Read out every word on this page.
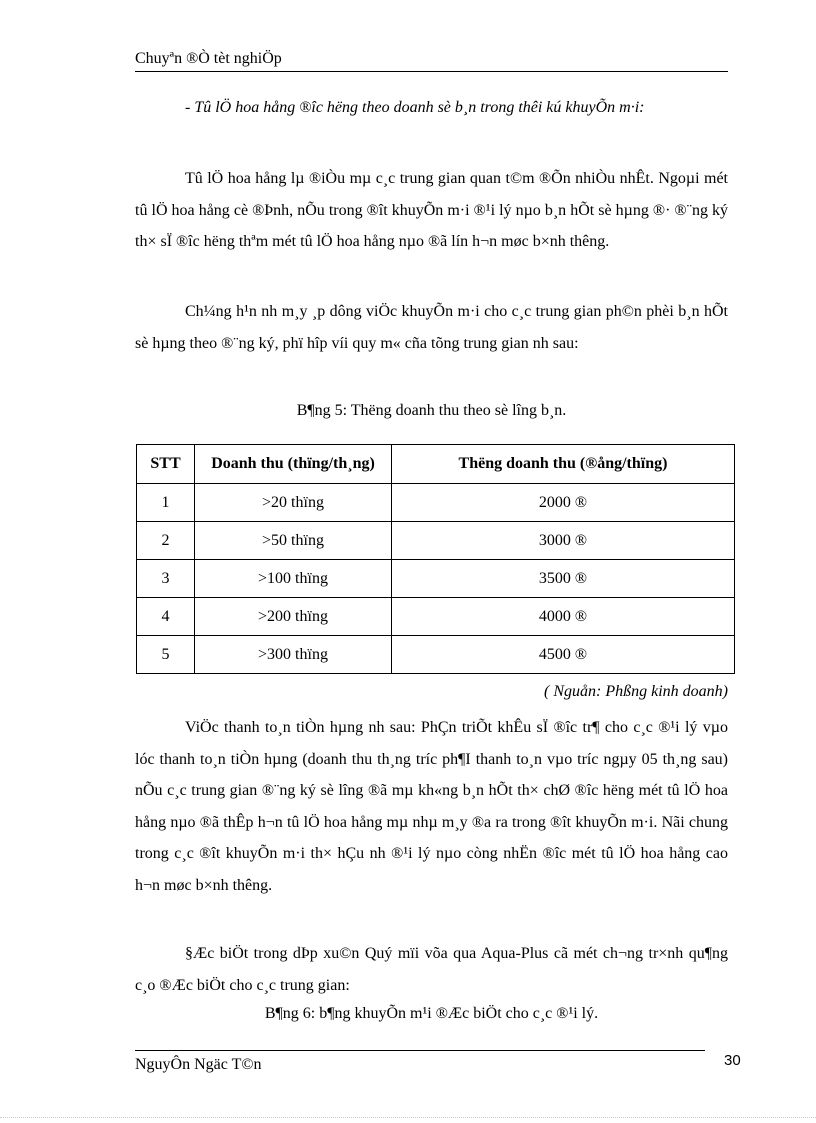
Chuyªn ®Ò tèt nghiÖp
- Tû lÖ hoa hång ®îc hëng theo doanh sè b¸n trong thêi kú khuyÕn m·i:
Tû lÖ hoa hång lµ ®iÒu mµ c¸c trung gian quan t©m ®Õn nhiÒu nhÊt. Ngoµi mét tû lÖ hoa hång cè ®Þnh, nÕu trong ®ît khuyÕn m·i ®¹i lý nµo b¸n hÕt sè hµng ®· ®¨ng ký th× sÏ ®îc hëng thªm mét tû lÖ hoa hång nµo ®ã lín h¬n møc b×nh thêng.
Ch¼ng h¹n nh m¸y ¸p dông viÖc khuyÕn m·i cho c¸c trung gian ph©n phèi b¸n hÕt sè hµng theo ®¨ng ký, phï hîp víi quy m« cña tõng trung gian nh sau:
B¶ng 5: Thëng doanh thu theo sè lîng b¸n.
STT	Doanh thu (thïng/th¸ng)	Thëng doanh thu (®ång/thïng)
1	>20 thïng	2000 ®
2	>50 thïng	3000 ®
3	>100 thïng	3500 ®
4	>200 thïng	4000 ®
5	>300 thïng	4500 ®
( Nguån: Phßng kinh doanh)
ViÖc thanh to¸n tiÒn hµng nh sau: PhÇn triÕt khÊu sÏ ®îc tr¶ cho c¸c ®¹i lý vµo lóc thanh to¸n tiÒn hµng (doanh thu th¸ng tríc ph¶I thanh to¸n vµo tríc ngµy 05 th¸ng sau) nÕu c¸c trung gian ®¨ng ký sè lîng ®ã mµ kh«ng b¸n hÕt th× chØ ®îc hëng mét tû lÖ hoa hång nµo ®ã thÊp h¬n tû lÖ hoa hång mµ nhµ m¸y ®a ra trong ®ît khuyÕn m·i. Nãi chung trong c¸c ®ît khuyÕn m·i th× hÇu nh ®¹i lý nµo còng nhËn ®îc mét tû lÖ hoa hång cao h¬n møc b×nh thêng.
§Æc biÖt trong dÞp xu©n Quý mïi võa qua Aqua-Plus cã mét ch¬ng tr×nh qu¶ng c¸o ®Æc biÖt cho c¸c trung gian:
B¶ng 6: b¶ng khuyÕn m¹i ®Æc biÖt cho c¸c ®¹i lý.
NguyÔn Ngäc T©n	30
